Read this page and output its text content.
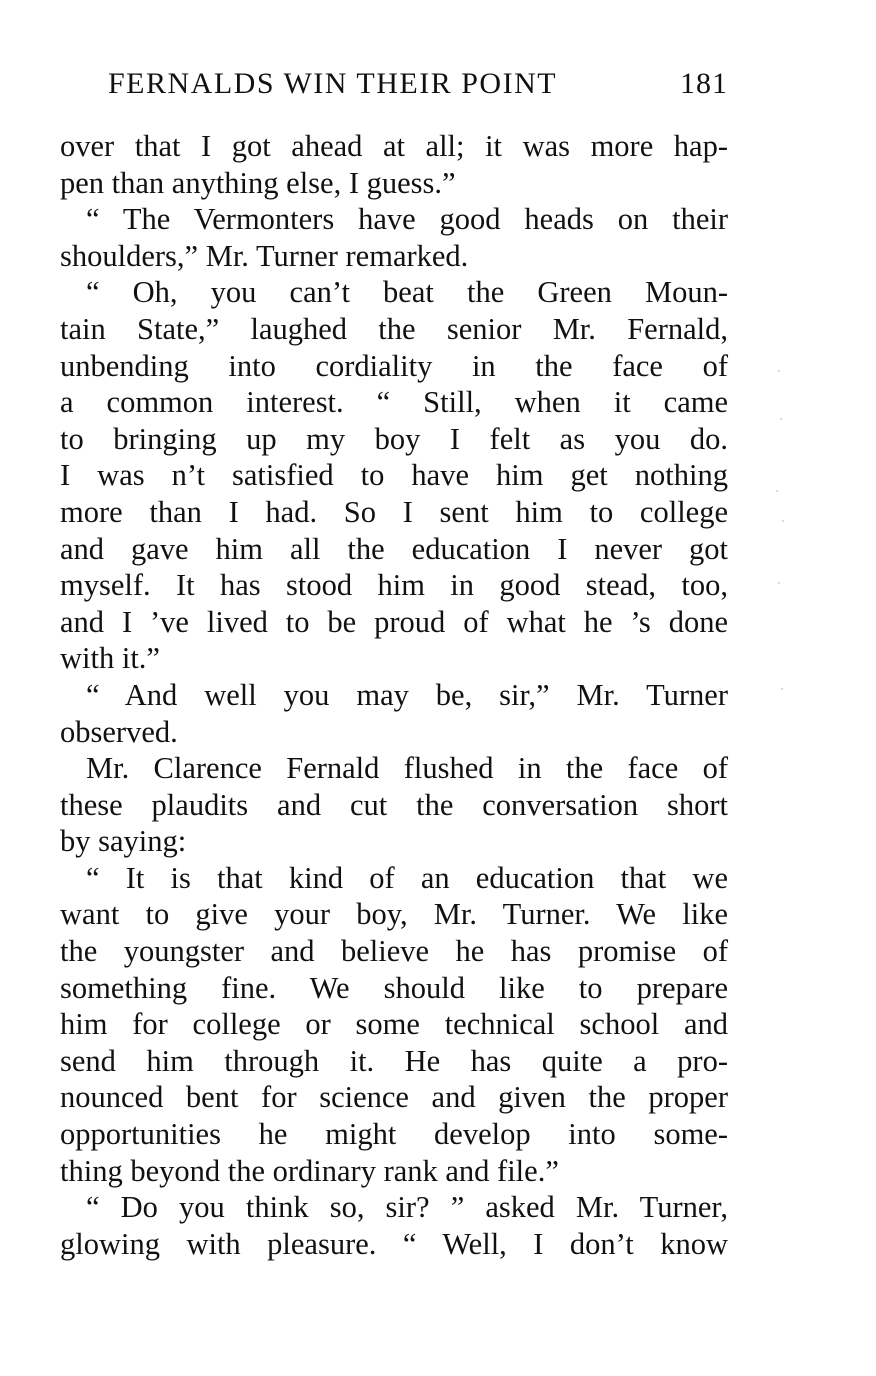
FERNALDS WIN THEIR POINT	181
over that I got ahead at all; it was more hap-
pen than anything else, I guess.”
“ The Vermonters have good heads on their
shoulders,” Mr. Turner remarked.
“ Oh, you can’t beat the Green Moun-
tain State,” laughed the senior Mr. Fernald,
unbending into cordiality in the face of
a common interest. “ Still, when it came
to bringing up my boy I felt as you do.
I was n’t satisfied to have him get nothing
more than I had. So I sent him to college
and gave him all the education I never got
myself. It has stood him in good stead, too,
and I ’ve lived to be proud of what he ’s done
with it.”
“ And well you may be, sir,” Mr. Turner
observed.
Mr. Clarence Fernald flushed in the face of
these plaudits and cut the conversation short
by saying:
“ It is that kind of an education that we
want to give your boy, Mr. Turner. We like
the youngster and believe he has promise of
something fine. We should like to prepare
him for college or some technical school and
send him through it. He has quite a pro-
nounced bent for science and given the proper
opportunities he might develop into some-
thing beyond the ordinary rank and file.”
“ Do you think so, sir? ” asked Mr. Turner,
glowing with pleasure. “ Well, I don’t know
